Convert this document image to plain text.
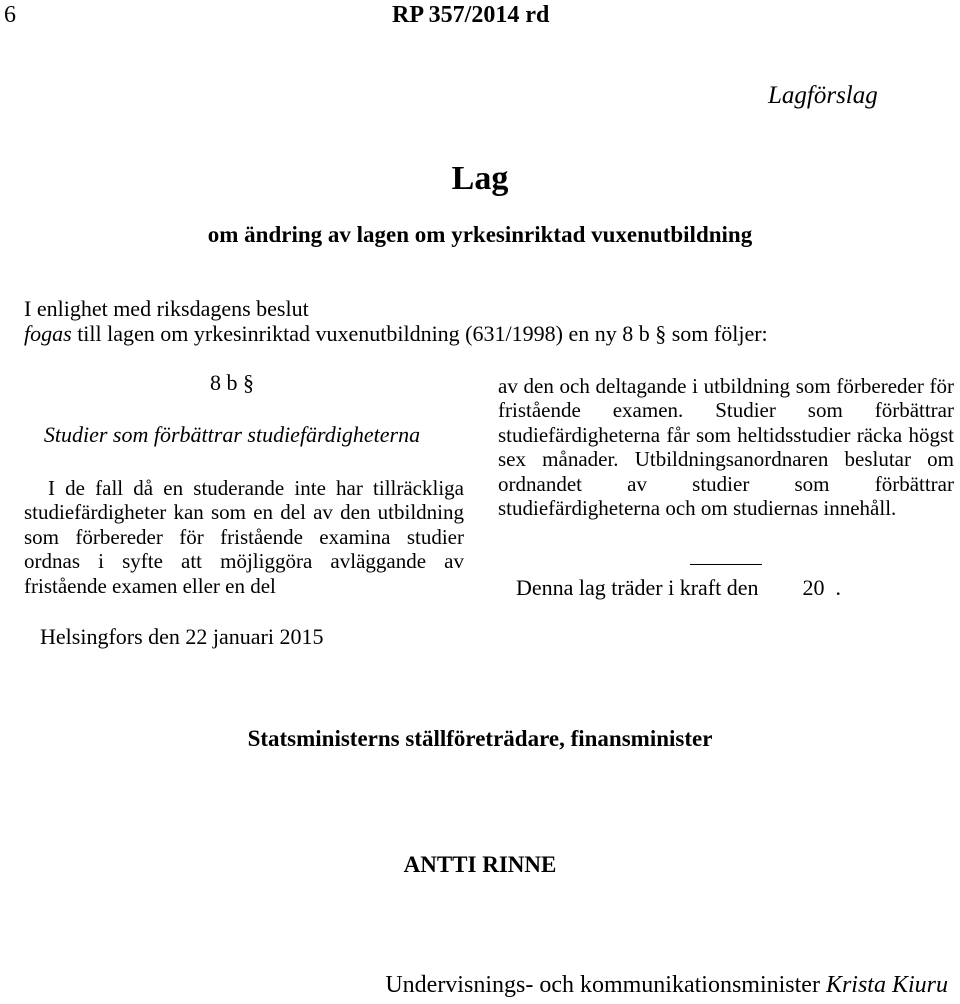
6	RP 357/2014 rd
Lagförslag
Lag
om ändring av lagen om yrkesinriktad vuxenutbildning
I enlighet med riksdagens beslut
fogas till lagen om yrkesinriktad vuxenutbildning (631/1998) en ny 8 b § som följer:
8 b §
Studier som förbättrar studiefärdigheterna
I de fall då en studerande inte har tillräckliga studiefärdigheter kan som en del av den utbildning som förbereder för fristående examina studier ordnas i syfte att möjliggöra avläggande av fristående examen eller en del
av den och deltagande i utbildning som förbereder för fristående examen. Studier som förbättrar studiefärdigheterna får som heltidsstudier räcka högst sex månader. Utbildningsanordnaren beslutar om ordnandet av studier som förbättrar studiefärdigheterna och om studiernas innehåll.
Denna lag träder i kraft den        20  .
Helsingfors den 22 januari 2015
Statsministerns ställföreträdare, finansminister
ANTTI RINNE
Undervisnings- och kommunikationsminister Krista Kiuru
